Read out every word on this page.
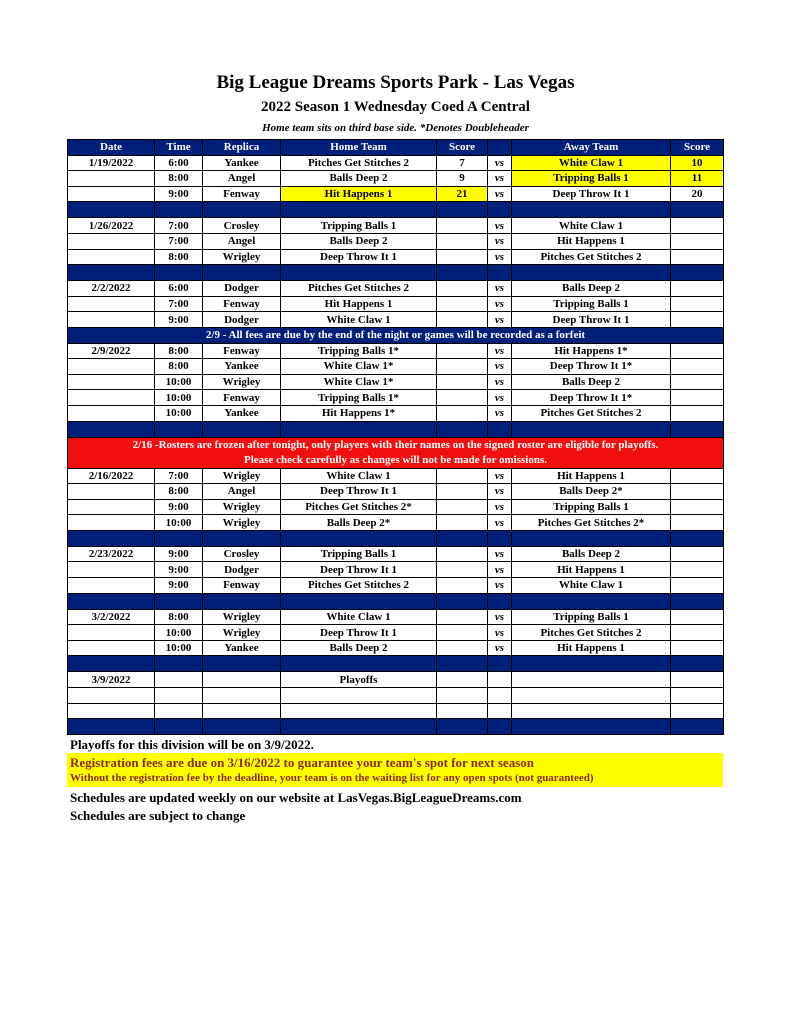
Big League Dreams Sports Park - Las Vegas
2022 Season 1 Wednesday Coed A Central
Home team sits on third base side. *Denotes Doubleheader
Date	Time	Replica	Home Team	Score		Away Team	Score
1/19/2022	6:00	Yankee	Pitches Get Stitches 2	7	vs	White Claw 1	10
	8:00	Angel	Balls Deep 2	9	vs	Tripping Balls 1	11
	9:00	Fenway	Hit Happens 1	21	vs	Deep Throw It 1	20

1/26/2022	7:00	Crosley	Tripping Balls 1		vs	White Claw 1	
	7:00	Angel	Balls Deep 2		vs	Hit Happens 1	
	8:00	Wrigley	Deep Throw It 1		vs	Pitches Get Stitches 2	

2/2/2022	6:00	Dodger	Pitches Get Stitches 2		vs	Balls Deep 2	
	7:00	Fenway	Hit Happens 1		vs	Tripping Balls 1	
	9:00	Dodger	White Claw 1		vs	Deep Throw It 1	
2/9 - All fees are due by the end of the night or games will be recorded as a forfeit							
2/9/2022	8:00	Fenway	Tripping Balls 1*		vs	Hit Happens 1*	
	8:00	Yankee	White Claw 1*		vs	Deep Throw It 1*	
	10:00	Wrigley	White Claw 1*		vs	Balls Deep 2	
	10:00	Fenway	Tripping Balls 1*		vs	Deep Throw It 1*	
	10:00	Yankee	Hit Happens 1*		vs	Pitches Get Stitches 2	

2/16 -Rosters are frozen after tonight, only players with their names on the signed roster are eligible for playoffs.
Please check carefully as changes will not be made for omissions.							

2/16/2022	7:00	Wrigley	White Claw 1		vs	Hit Happens 1	
	8:00	Angel	Deep Throw It 1		vs	Balls Deep 2*	
	9:00	Wrigley	Pitches Get Stitches 2*		vs	Tripping Balls 1	
	10:00	Wrigley	Balls Deep 2*		vs	Pitches Get Stitches 2*	

2/23/2022	9:00	Crosley	Tripping Balls 1		vs	Balls Deep 2	
	9:00	Dodger	Deep Throw It 1		vs	Hit Happens 1	
	9:00	Fenway	Pitches Get Stitches 2		vs	White Claw 1	

3/2/2022	8:00	Wrigley	White Claw 1		vs	Tripping Balls 1	
	10:00	Wrigley	Deep Throw It 1		vs	Pitches Get Stitches 2	
	10:00	Yankee	Balls Deep 2		vs	Hit Happens 1	

3/9/2022			Playoffs				

Playoffs for this division will be on 3/9/2022.
Registration fees are due on 3/16/2022 to guarantee your team's spot for next season
Without the registration fee by the deadline, your team is on the waiting list for any open spots (not guaranteed)
Schedules are updated weekly on our website at LasVegas.BigLeagueDreams.com
Schedules are subject to change
